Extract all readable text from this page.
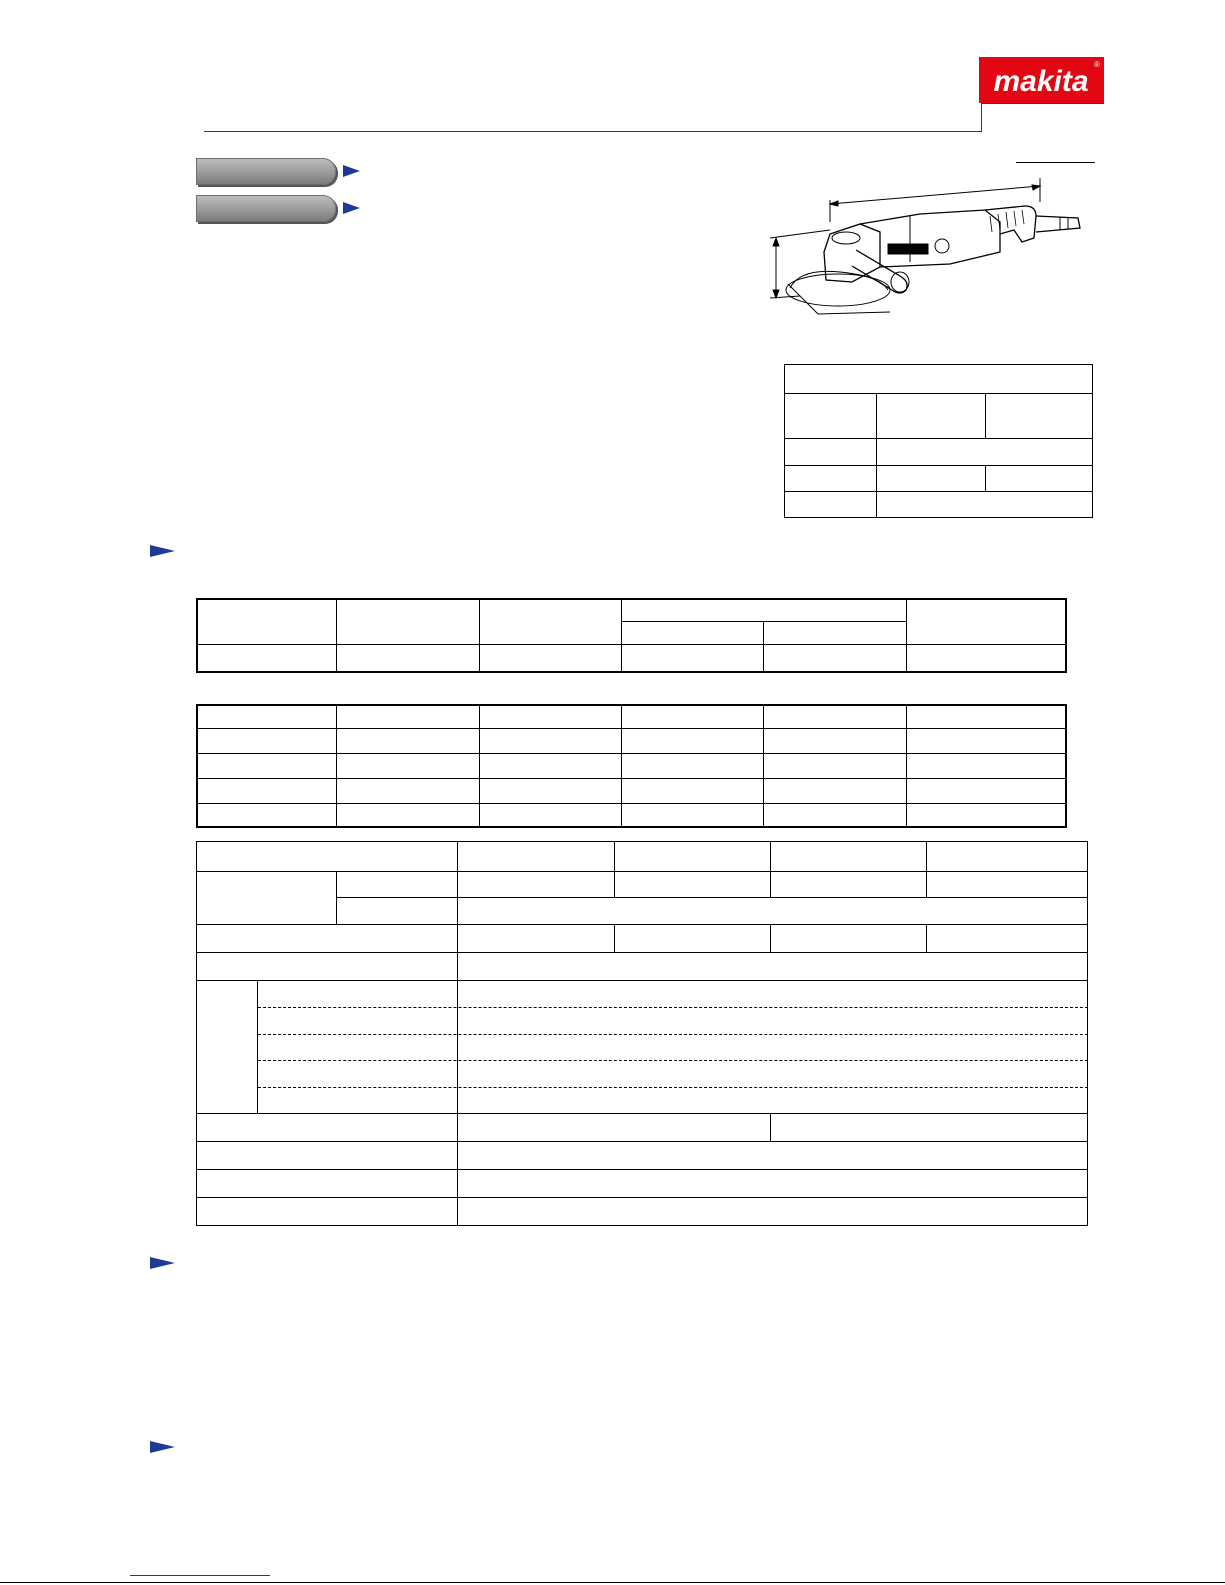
makita
®
